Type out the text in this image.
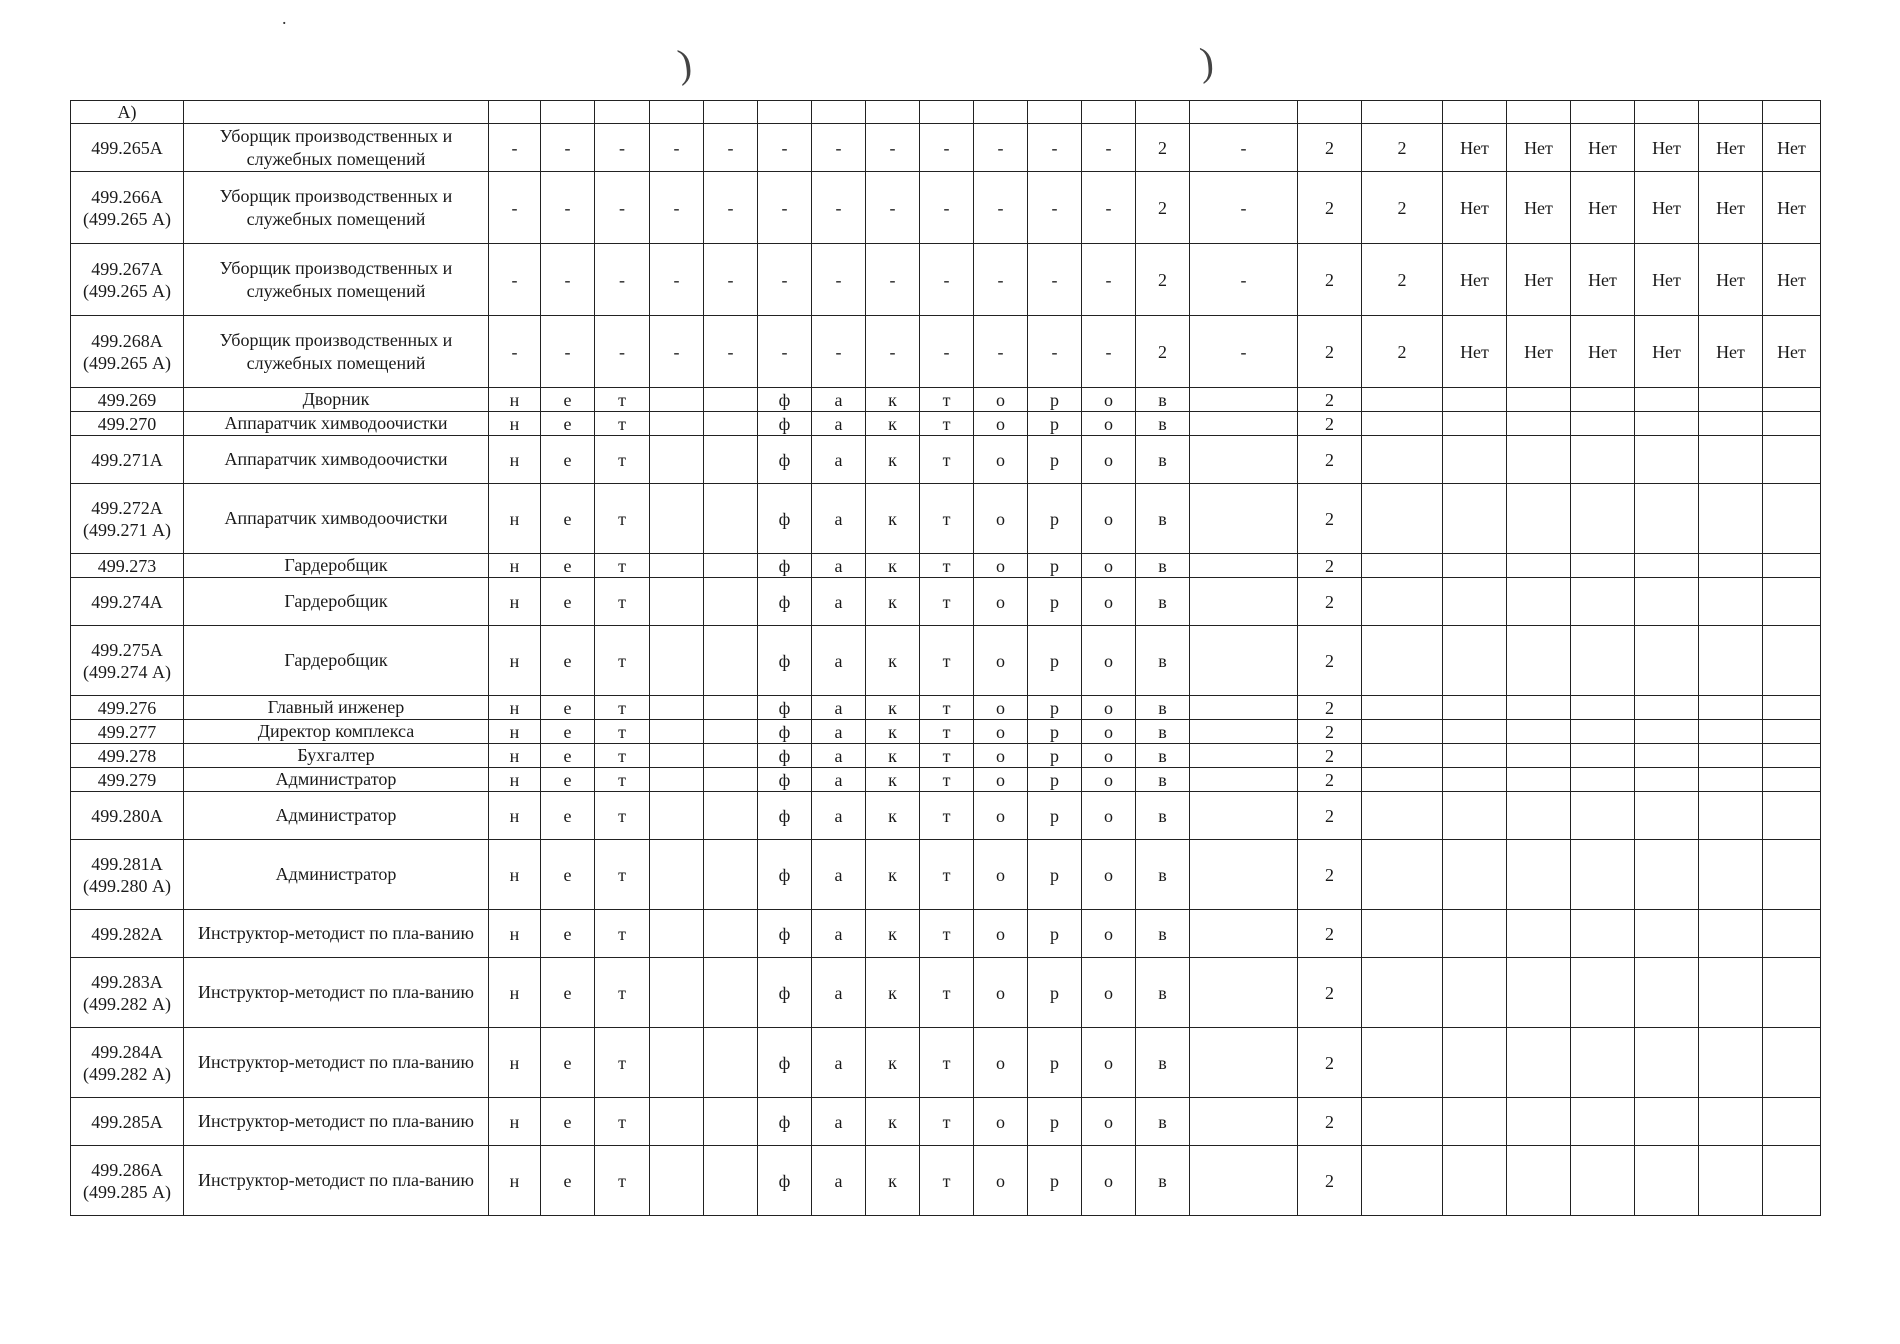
.
)	)
А)																							
499.265А	Уборщик производственных и служебных помещений	-	-	-	-	-	-	-	-	-	-	-	-	2	-	2	2	Нет	Нет	Нет	Нет	Нет	Нет
499.266А (499.265 А)	Уборщик производственных и служебных помещений	-	-	-	-	-	-	-	-	-	-	-	-	2	-	2	2	Нет	Нет	Нет	Нет	Нет	Нет
499.267А (499.265 А)	Уборщик производственных и служебных помещений	-	-	-	-	-	-	-	-	-	-	-	-	2	-	2	2	Нет	Нет	Нет	Нет	Нет	Нет
499.268А (499.265 А)	Уборщик производственных и служебных помещений	-	-	-	-	-	-	-	-	-	-	-	-	2	-	2	2	Нет	Нет	Нет	Нет	Нет	Нет
499.269	Дворник	н	е	т			ф	а	к	т	о	р	о	в		2							
499.270	Аппаратчик химводоочистки	н	е	т			ф	а	к	т	о	р	о	в		2							
499.271А	Аппаратчик химводоочистки	н	е	т			ф	а	к	т	о	р	о	в		2							
499.272А (499.271 А)	Аппаратчик химводоочистки	н	е	т			ф	а	к	т	о	р	о	в		2							
499.273	Гардеробщик	н	е	т			ф	а	к	т	о	р	о	в		2							
499.274А	Гардеробщик	н	е	т			ф	а	к	т	о	р	о	в		2							
499.275А (499.274 А)	Гардеробщик	н	е	т			ф	а	к	т	о	р	о	в		2							
499.276	Главный инженер	н	е	т			ф	а	к	т	о	р	о	в		2							
499.277	Директор комплекса	н	е	т			ф	а	к	т	о	р	о	в		2							
499.278	Бухгалтер	н	е	т			ф	а	к	т	о	р	о	в		2							
499.279	Администратор	н	е	т			ф	а	к	т	о	р	о	в		2							
499.280А	Администратор	н	е	т			ф	а	к	т	о	р	о	в		2							
499.281А (499.280 А)	Администратор	н	е	т			ф	а	к	т	о	р	о	в		2							
499.282А	Инструктор-методист по пла-ванию	н	е	т			ф	а	к	т	о	р	о	в		2							
499.283А (499.282 А)	Инструктор-методист по пла-ванию	н	е	т			ф	а	к	т	о	р	о	в		2							
499.284А (499.282 А)	Инструктор-методист по пла-ванию	н	е	т			ф	а	к	т	о	р	о	в		2							
499.285А	Инструктор-методист по пла-ванию	н	е	т			ф	а	к	т	о	р	о	в		2							
499.286А (499.285 А)	Инструктор-методист по пла-ванию	н	е	т			ф	а	к	т	о	р	о	в		2							
